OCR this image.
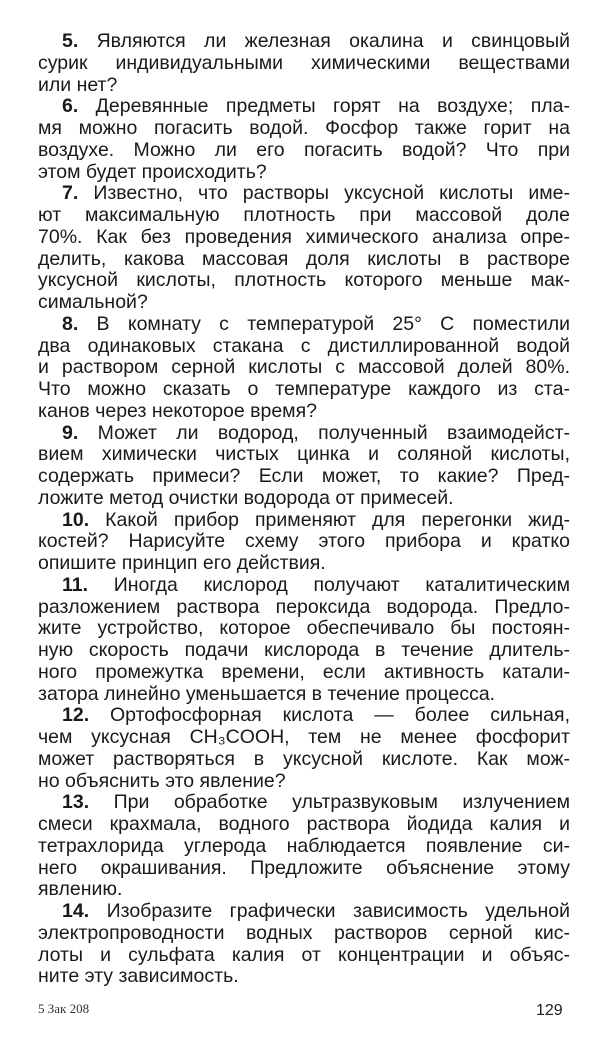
5. Являются ли железная окалина и свинцовый
сурик индивидуальными химическими веществами
или нет?
6. Деревянные предметы горят на воздухе; пла-
мя можно погасить водой. Фосфор также горит на
воздухе. Можно ли его погасить водой? Что при
этом будет происходить?
7. Известно, что растворы уксусной кислоты име-
ют максимальную плотность при массовой доле
70%. Как без проведения химического анализа опре-
делить, какова массовая доля кислоты в растворе
уксусной кислоты, плотность которого меньше мак-
симальной?
8. В комнату с температурой 25° С поместили
два одинаковых стакана с дистиллированной водой
и раствором серной кислоты с массовой долей 80%.
Что можно сказать о температуре каждого из ста-
канов через некоторое время?
9. Может ли водород, полученный взаимодейст-
вием химически чистых цинка и соляной кислоты,
содержать примеси? Если может, то какие? Пред-
ложите метод очистки водорода от примесей.
10. Какой прибор применяют для перегонки жид-
костей? Нарисуйте схему этого прибора и кратко
опишите принцип его действия.
11. Иногда кислород получают каталитическим
разложением раствора пероксида водорода. Предло-
жите устройство, которое обеспечивало бы постоян-
ную скорость подачи кислорода в течение длитель-
ного промежутка времени, если активность катали-
затора линейно уменьшается в течение процесса.
12. Ортофосфорная кислота — более сильная,
чем уксусная CH₃COOH, тем не менее фосфорит
может растворяться в уксусной кислоте. Как мож-
но объяснить это явление?
13. При обработке ультразвуковым излучением
смеси крахмала, водного раствора йодида калия и
тетрахлорида углерода наблюдается появление си-
него окрашивания. Предложите объяснение этому
явлению.
14. Изобразите графически зависимость удельной
электропроводности водных растворов серной кис-
лоты и сульфата калия от концентрации и объяс-
ните эту зависимость.
5 Зак 208	129
